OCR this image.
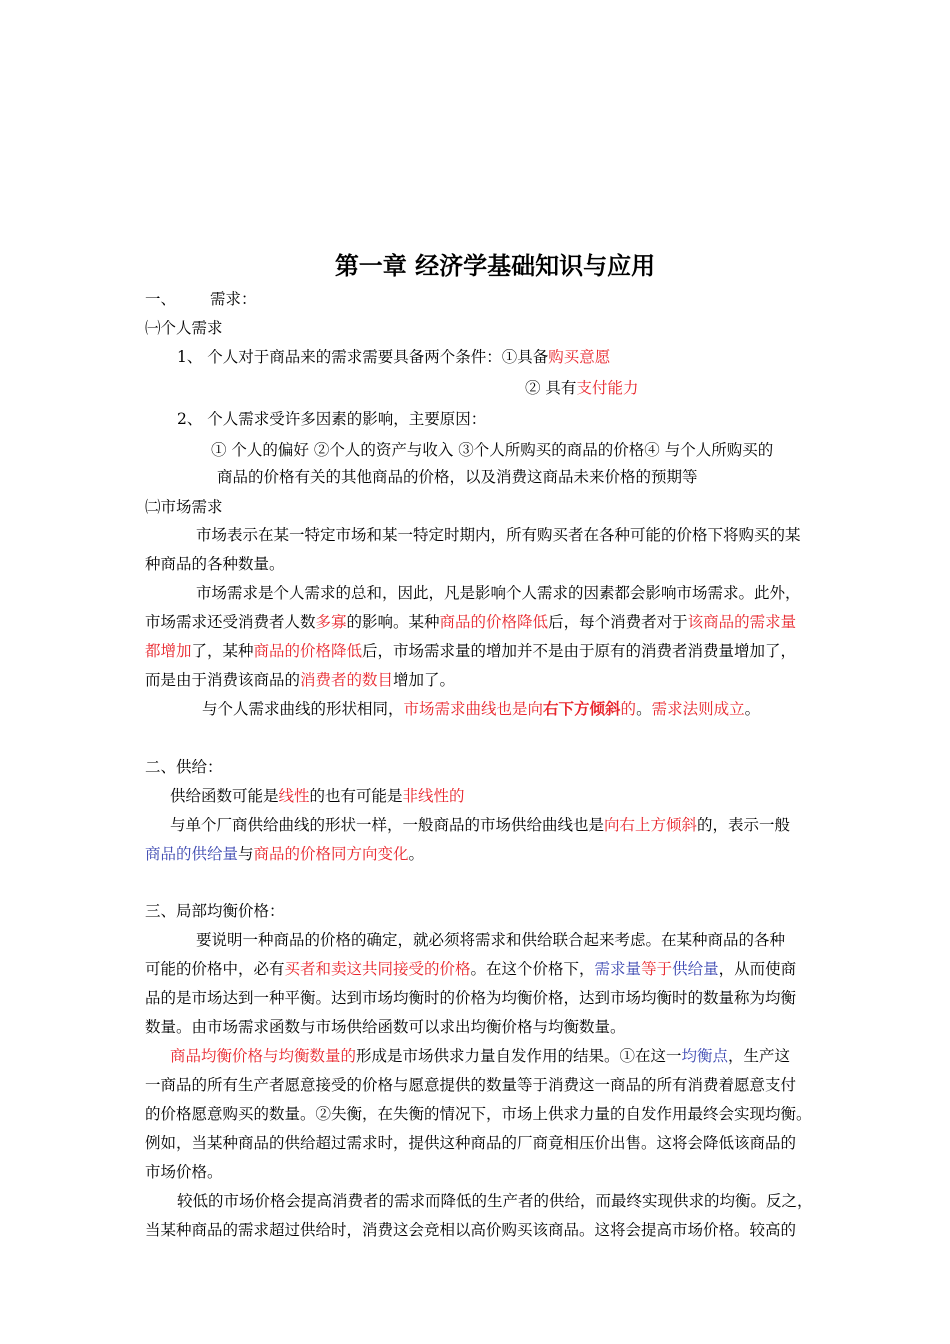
第一章 经济学基础知识与应用
一、 需求：
㈠个人需求
1、 个人对于商品来的需求需要具备两个条件：①具备购买意愿
② 具有支付能力
2、 个人需求受许多因素的影响，主要原因：
① 个人的偏好 ②个人的资产与收入 ③个人所购买的商品的价格④ 与个人所购买的
商品的价格有关的其他商品的价格，以及消费这商品未来价格的预期等
㈡市场需求
市场表示在某一特定市场和某一特定时期内，所有购买者在各种可能的价格下将购买的某
种商品的各种数量。
市场需求是个人需求的总和，因此，凡是影响个人需求的因素都会影响市场需求。此外，
市场需求还受消费者人数多寡的影响。某种商品的价格降低后，每个消费者对于该商品的需求量
都增加了，某种商品的价格降低后，市场需求量的增加并不是由于原有的消费者消费量增加了，
而是由于消费该商品的消费者的数目增加了。
与个人需求曲线的形状相同，市场需求曲线也是向右下方倾斜的。需求法则成立。
二、供给：
供给函数可能是线性的也有可能是非线性的
与单个厂商供给曲线的形状一样，一般商品的市场供给曲线也是向右上方倾斜的，表示一般
商品的供给量与商品的价格同方向变化。
三、局部均衡价格：
要说明一种商品的价格的确定，就必须将需求和供给联合起来考虑。在某种商品的各种
可能的价格中，必有买者和卖这共同接受的价格。在这个价格下，需求量等于供给量，从而使商
品的是市场达到一种平衡。达到市场均衡时的价格为均衡价格，达到市场均衡时的数量称为均衡
数量。由市场需求函数与市场供给函数可以求出均衡价格与均衡数量。
商品均衡价格与均衡数量的形成是市场供求力量自发作用的结果。①在这一均衡点，生产这
一商品的所有生产者愿意接受的价格与愿意提供的数量等于消费这一商品的所有消费着愿意支付
的价格愿意购买的数量。②失衡，在失衡的情况下，市场上供求力量的自发作用最终会实现均衡。
例如，当某种商品的供给超过需求时，提供这种商品的厂商竟相压价出售。这将会降低该商品的
市场价格。
较低的市场价格会提高消费者的需求而降低的生产者的供给，而最终实现供求的均衡。反之，
当某种商品的需求超过供给时，消费这会竞相以高价购买该商品。这将会提高市场价格。较高的
